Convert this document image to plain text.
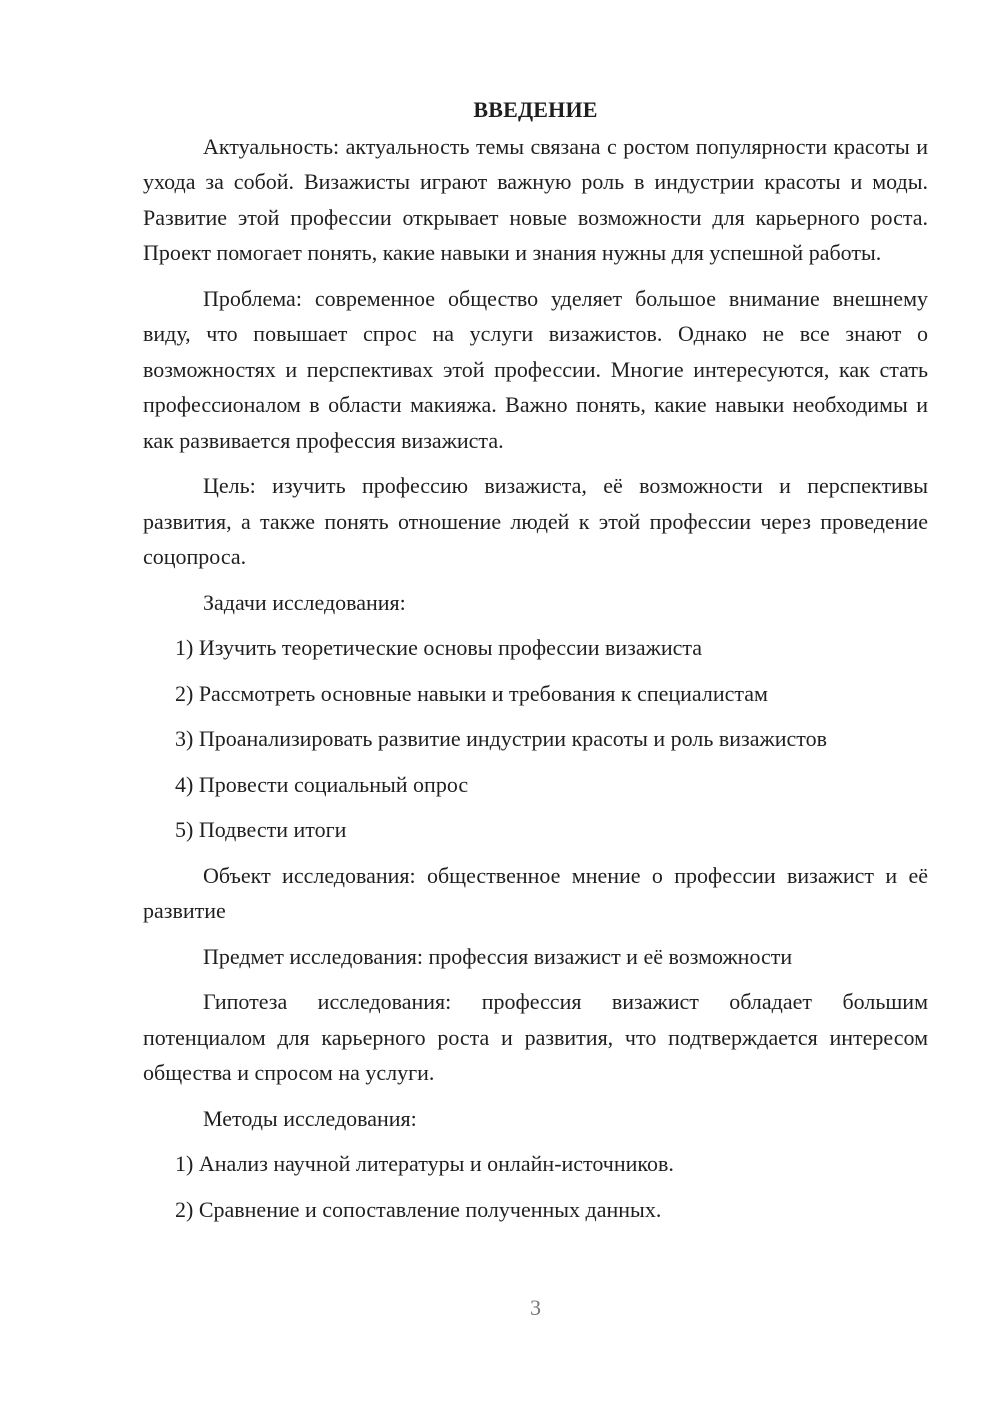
ВВЕДЕНИЕ

Актуальность: актуальность темы связана с ростом популярности красоты и ухода за собой. Визажисты играют важную роль в индустрии красоты и моды. Развитие этой профессии открывает новые возможности для карьерного роста. Проект помогает понять, какие навыки и знания нужны для успешной работы.

Проблема: современное общество уделяет большое внимание внешнему виду, что повышает спрос на услуги визажистов. Однако не все знают о возможностях и перспективах этой профессии. Многие интересуются, как стать профессионалом в области макияжа. Важно понять, какие навыки необходимы и как развивается профессия визажиста.

Цель: изучить профессию визажиста, её возможности и перспективы развития, а также понять отношение людей к этой профессии через проведение соцопроса.

Задачи исследования:

1) Изучить теоретические основы профессии визажиста
2) Рассмотреть основные навыки и требования к специалистам
3) Проанализировать развитие индустрии красоты и роль визажистов
4) Провести социальный опрос
5) Подвести итоги

Объект исследования: общественное мнение о профессии визажист и её развитие

Предмет исследования: профессия визажист и её возможности

Гипотеза исследования: профессия визажист обладает большим потенциалом для карьерного роста и развития, что подтверждается интересом общества и спросом на услуги.

Методы исследования:

1) Анализ научной литературы и онлайн-источников.
2) Сравнение и сопоставление полученных данных.
3
